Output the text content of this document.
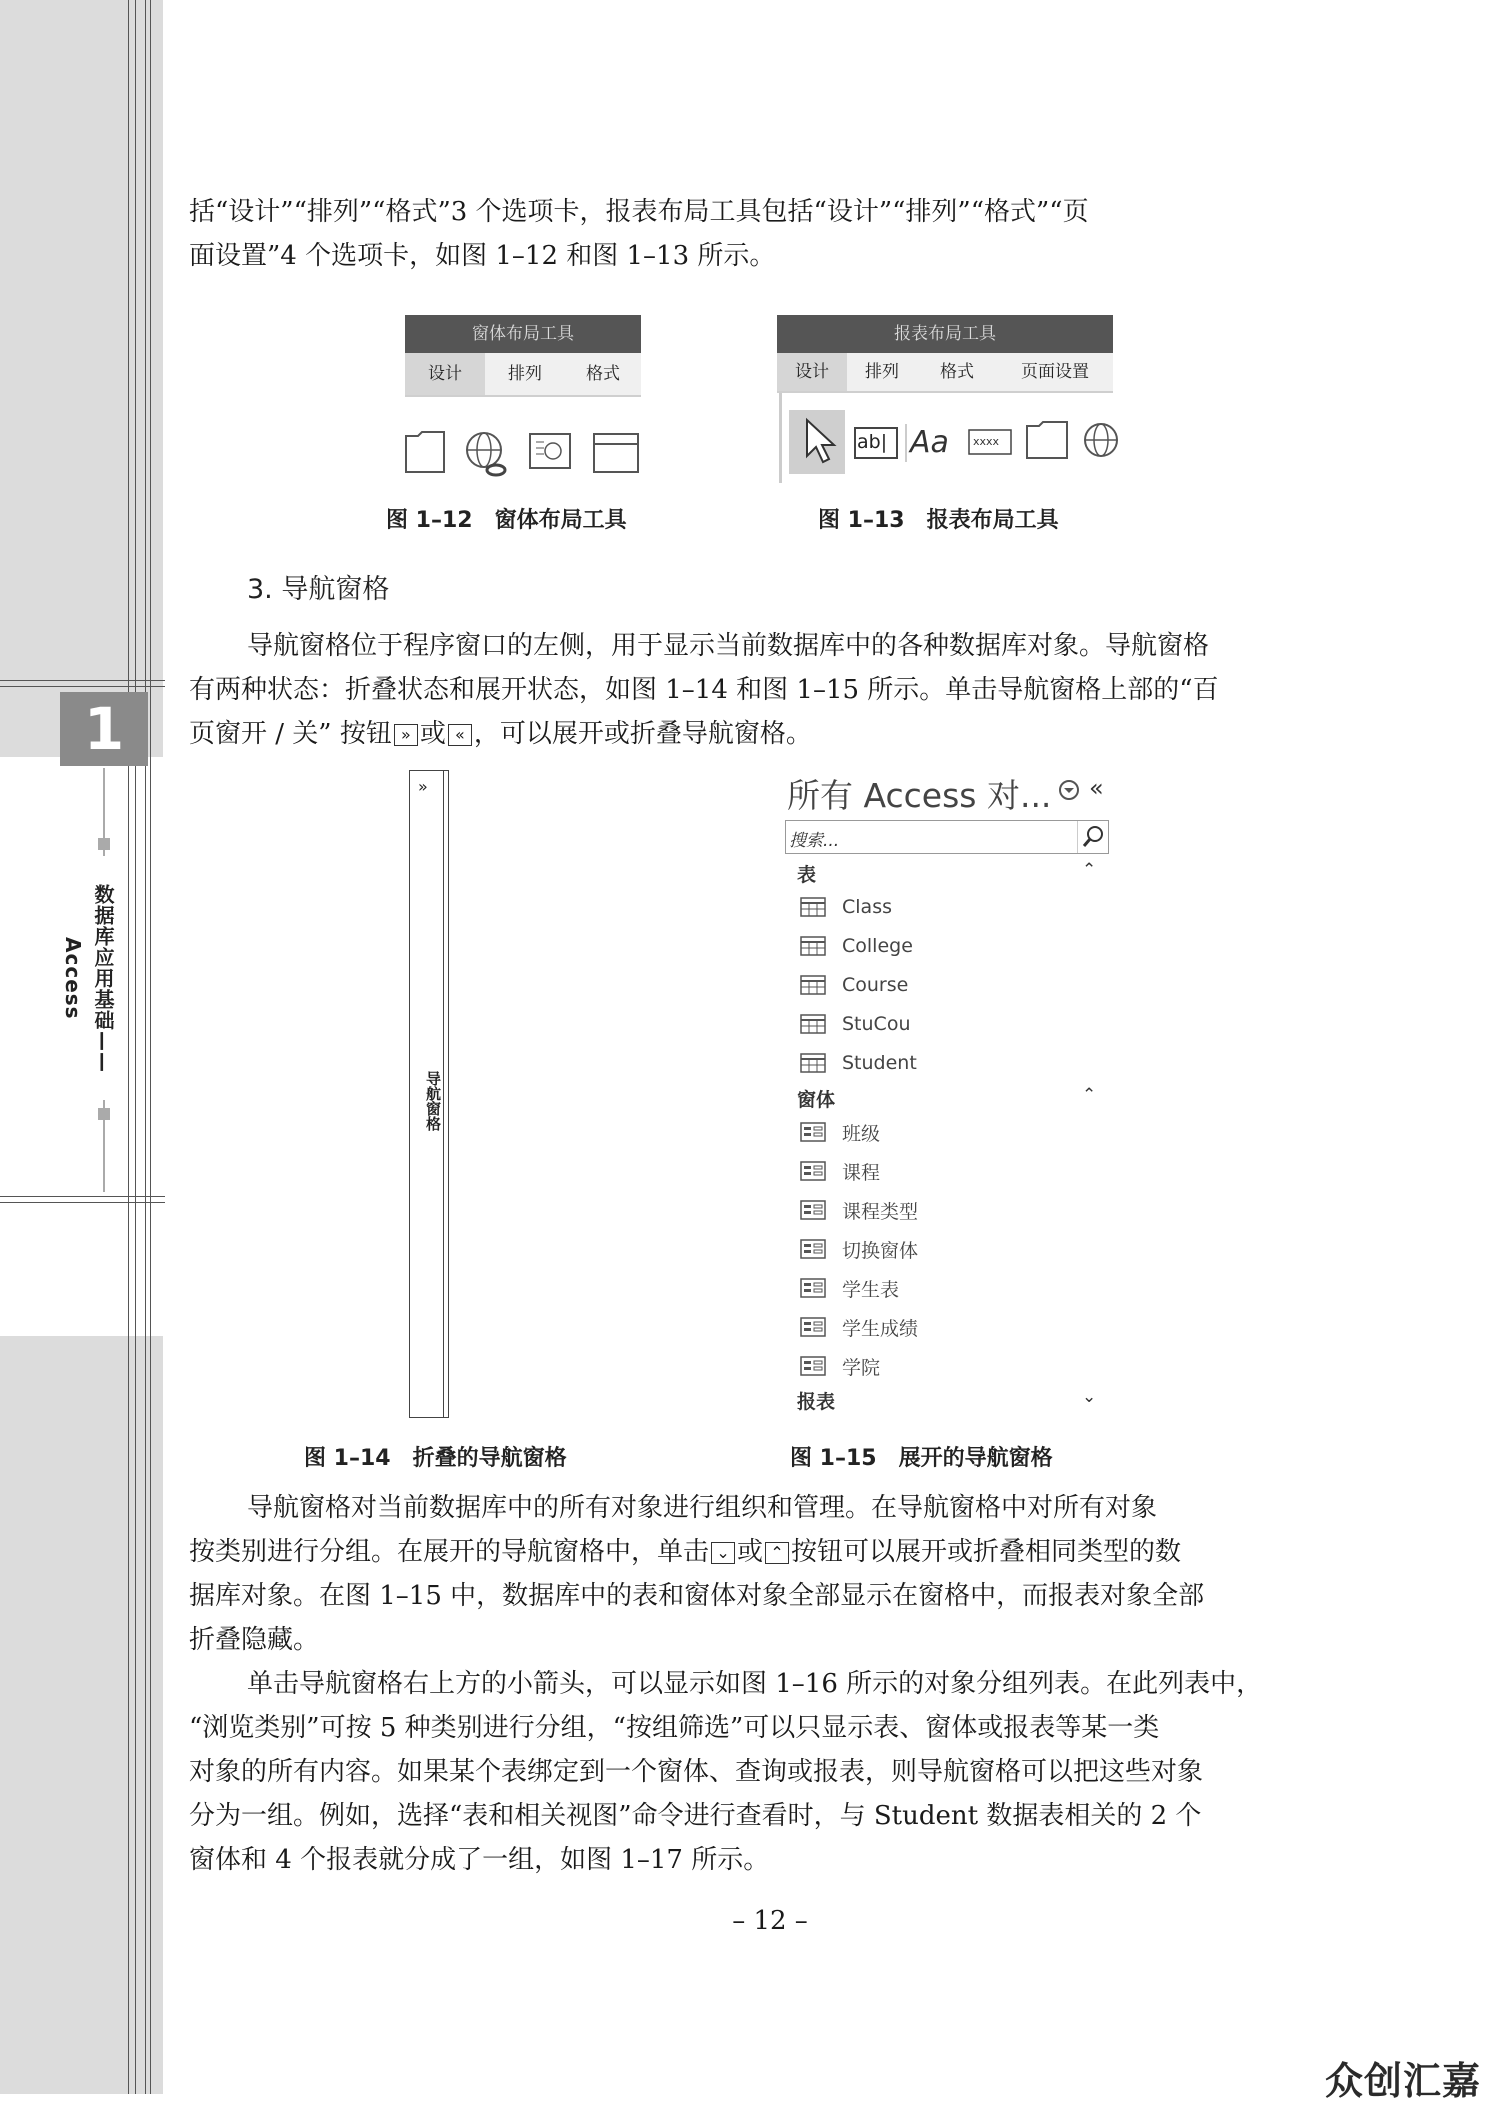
1
数据库应用基础——Access
括“设计”“排列”“格式”3 个选项卡，报表布局工具包括“设计”“排列”“格式”“页
面设置”4 个选项卡，如图 1–12 和图 1–13 所示。
窗体布局工具
设计	排列	格式
图 1–12　窗体布局工具
报表布局工具
设计	排列	格式	页面设置
ab| Aa xxxx
图 1–13　报表布局工具
3. 导航窗格
导航窗格位于程序窗口的左侧，用于显示当前数据库中的各种数据库对象。导航窗格
有两种状态：折叠状态和展开状态，如图 1–14 和图 1–15 所示。单击导航窗格上部的“百
页窗开 / 关” 按钮 » 或 « ，可以展开或折叠导航窗格。
»
导航窗格
图 1–14　折叠的导航窗格
所有 Access 对... «
搜索...
表	⌃
Class
College
Course
StuCou
Student
窗体	⌃
班级
课程
课程类型
切换窗体
学生表
学生成绩
学院
报表	⌄
图 1–15　展开的导航窗格
导航窗格对当前数据库中的所有对象进行组织和管理。在导航窗格中对所有对象
按类别进行分组。在展开的导航窗格中，单击 ⌄ 或 ⌃ 按钮可以展开或折叠相同类型的数
据库对象。在图 1–15 中，数据库中的表和窗体对象全部显示在窗格中，而报表对象全部
折叠隐藏。
单击导航窗格右上方的小箭头，可以显示如图 1–16 所示的对象分组列表。在此列表中，
“浏览类别”可按 5 种类别进行分组，“按组筛选”可以只显示表、窗体或报表等某一类
对象的所有内容。如果某个表绑定到一个窗体、查询或报表，则导航窗格可以把这些对象
分为一组。例如，选择“表和相关视图”命令进行查看时，与 Student 数据表相关的 2 个
窗体和 4 个报表就分成了一组，如图 1–17 所示。
– 12 –
众创汇嘉
